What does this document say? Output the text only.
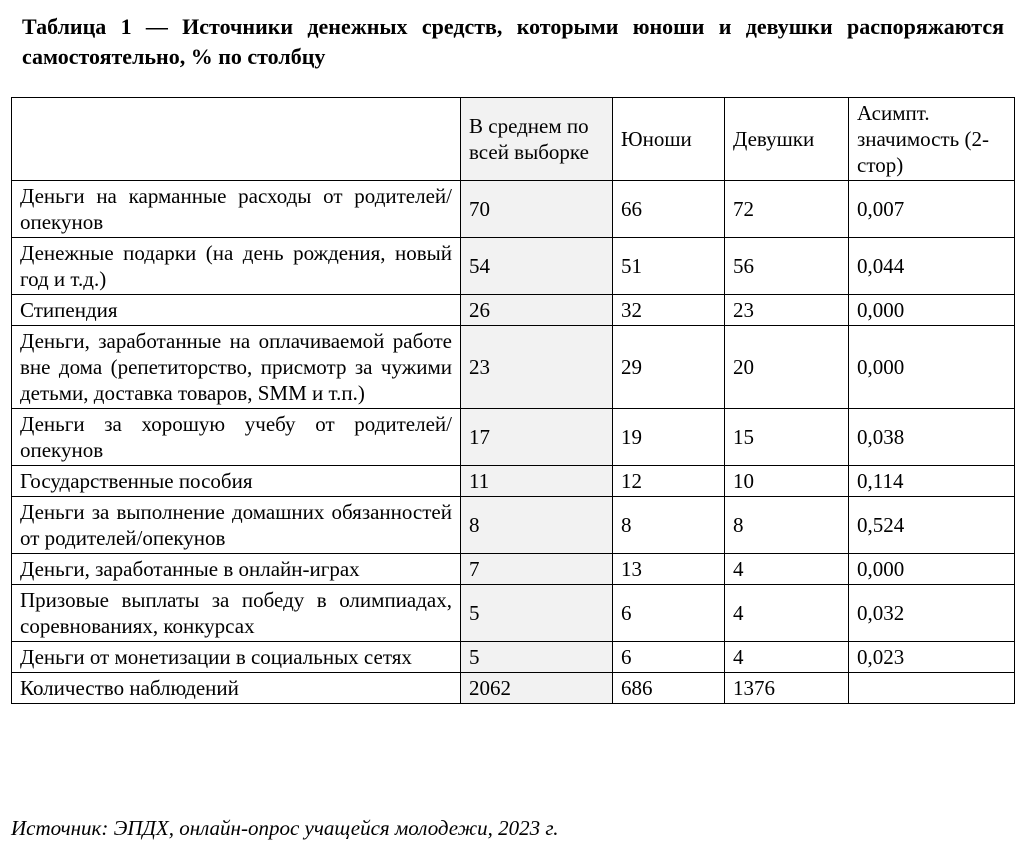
Таблица 1 — Источники денежных средств, которыми юноши и девушки распоряжаются самостоятельно, % по столбцу

	В среднем по всей выборке	Юноши	Девушки	Асимпт. значимость (2-стор)
Деньги на карманные расходы от родителей/опекунов	70	66	72	0,007
Денежные подарки (на день рождения, новый год и т.д.)	54	51	56	0,044
Стипендия	26	32	23	0,000
Деньги, заработанные на оплачиваемой работе вне дома (репетиторство, присмотр за чужими детьми, доставка товаров, SMM и т.п.)	23	29	20	0,000
Деньги за хорошую учебу от родителей/опекунов	17	19	15	0,038
Государственные пособия	11	12	10	0,114
Деньги за выполнение домашних обязанностей от родителей/опекунов	8	8	8	0,524
Деньги, заработанные в онлайн-играх	7	13	4	0,000
Призовые выплаты за победу в олимпиадах, соревнованиях, конкурсах	5	6	4	0,032
Деньги от монетизации в социальных сетях	5	6	4	0,023
Количество наблюдений	2062	686	1376	
Источник: ЭПДХ, онлайн-опрос учащейся молодежи, 2023 г.
